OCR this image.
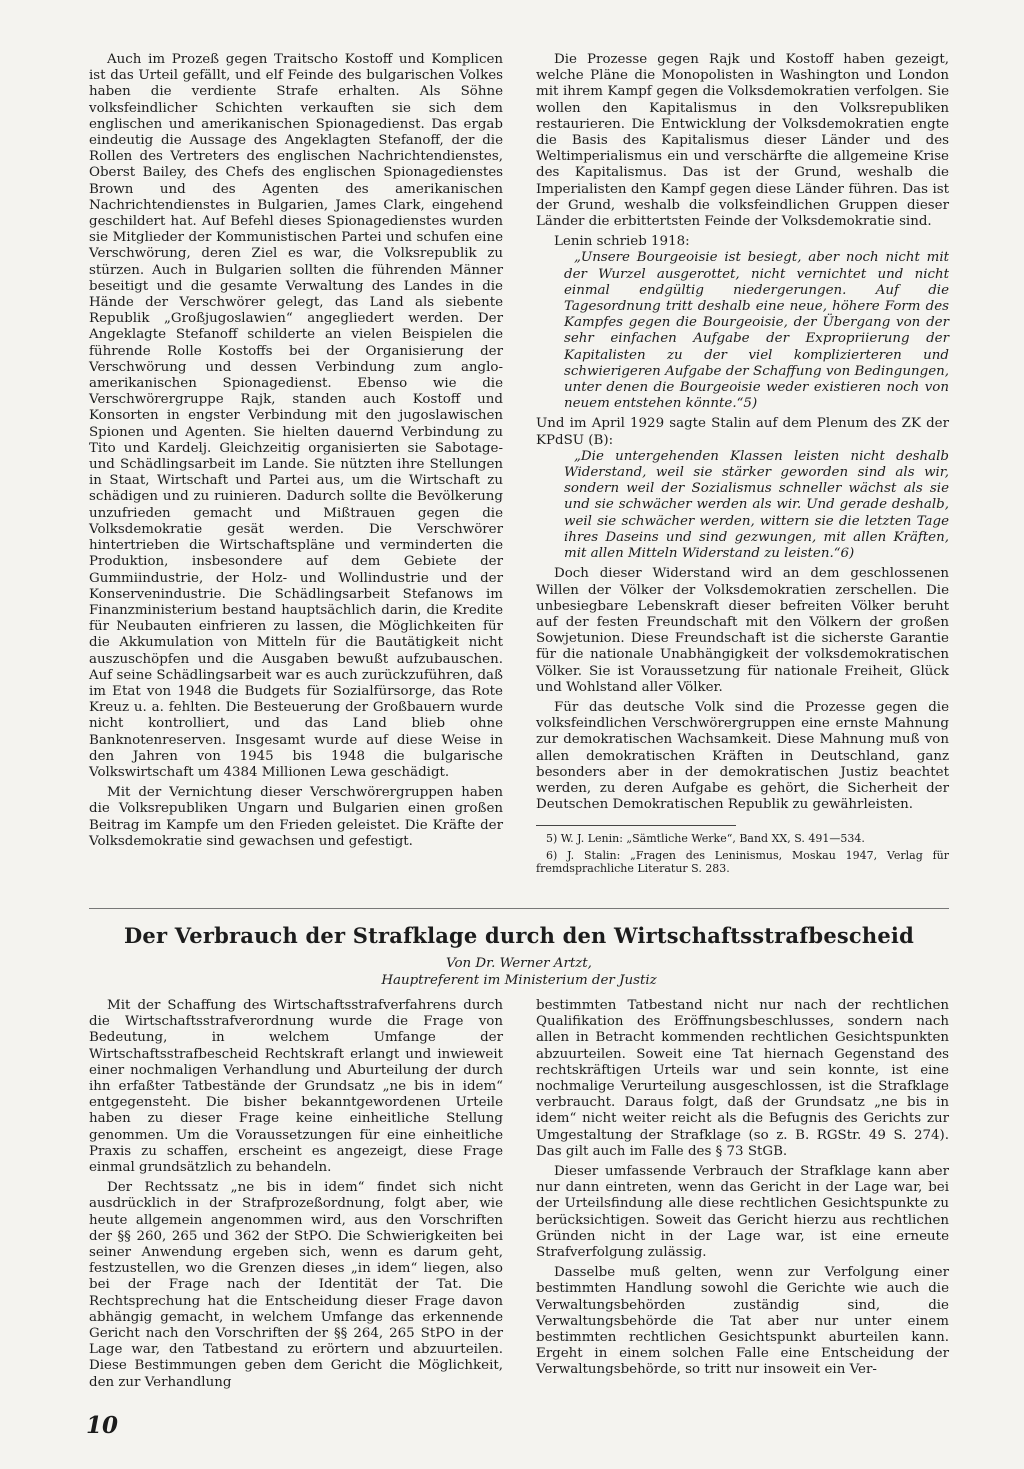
Auch im Prozeß gegen Traitscho Kostoff und Komplicen ist das Urteil gefällt, und elf Feinde des bulgarischen Volkes haben die verdiente Strafe erhalten. Als Söhne volksfeindlicher Schichten verkauften sie sich dem englischen und amerikanischen Spionagedienst. Das ergab eindeutig die Aussage des Angeklagten Stefanoff, der die Rollen des Vertreters des englischen Nachrichtendienstes, Oberst Bailey, des Chefs des englischen Spionagedienstes Brown und des Agenten des amerikanischen Nachrichtendienstes in Bulgarien, James Clark, eingehend geschildert hat. Auf Befehl dieses Spionagedienstes wurden sie Mitglieder der Kommunistischen Partei und schufen eine Verschwörung, deren Ziel es war, die Volksrepublik zu stürzen. Auch in Bulgarien sollten die führenden Männer beseitigt und die gesamte Verwaltung des Landes in die Hände der Verschwörer gelegt, das Land als siebente Republik „Großjugoslawien“ angegliedert werden. Der Angeklagte Stefanoff schilderte an vielen Beispielen die führende Rolle Kostoffs bei der Organisierung der Verschwörung und dessen Verbindung zum anglo-amerikanischen Spionagedienst. Ebenso wie die Verschwörergruppe Rajk, standen auch Kostoff und Konsorten in engster Verbindung mit den jugoslawischen Spionen und Agenten. Sie hielten dauernd Verbindung zu Tito und Kardelj. Gleichzeitig organisierten sie Sabotage- und Schädlingsarbeit im Lande. Sie nützten ihre Stellungen in Staat, Wirtschaft und Partei aus, um die Wirtschaft zu schädigen und zu ruinieren. Dadurch sollte die Bevölkerung unzufrieden gemacht und Mißtrauen gegen die Volksdemokratie gesät werden. Die Verschwörer hintertrieben die Wirtschaftspläne und verminderten die Produktion, insbesondere auf dem Gebiete der Gummiindustrie, der Holz- und Wollindustrie und der Konservenindustrie. Die Schädlingsarbeit Stefanows im Finanzministerium bestand hauptsächlich darin, die Kredite für Neubauten einfrieren zu lassen, die Möglichkeiten für die Akkumulation von Mitteln für die Bautätigkeit nicht auszuschöpfen und die Ausgaben bewußt aufzubauschen. Auf seine Schädlingsarbeit war es auch zurückzuführen, daß im Etat von 1948 die Budgets für Sozialfürsorge, das Rote Kreuz u. a. fehlten. Die Besteuerung der Großbauern wurde nicht kontrolliert, und das Land blieb ohne Banknotenreserven. Insgesamt wurde auf diese Weise in den Jahren von 1945 bis 1948 die bulgarische Volkswirtschaft um 4384 Millionen Lewa geschädigt.

Mit der Vernichtung dieser Verschwörergruppen haben die Volksrepubliken Ungarn und Bulgarien einen großen Beitrag im Kampfe um den Frieden geleistet. Die Kräfte der Volksdemokratie sind gewachsen und gefestigt.

Die Prozesse gegen Rajk und Kostoff haben gezeigt, welche Pläne die Monopolisten in Washington und London mit ihrem Kampf gegen die Volksdemokratien verfolgen. Sie wollen den Kapitalismus in den Volksrepubliken restaurieren. Die Entwicklung der Volksdemokratien engte die Basis des Kapitalismus dieser Länder und des Weltimperialismus ein und verschärfte die allgemeine Krise des Kapitalismus. Das ist der Grund, weshalb die Imperialisten den Kampf gegen diese Länder führen. Das ist der Grund, weshalb die volksfeindlichen Gruppen dieser Länder die erbittertsten Feinde der Volksdemokratie sind.

Lenin schrieb 1918:

„Unsere Bourgeoisie ist besiegt, aber noch nicht mit der Wurzel ausgerottet, nicht vernichtet und nicht einmal endgültig niedergerungen. Auf die Tagesordnung tritt deshalb eine neue, höhere Form des Kampfes gegen die Bourgeoisie, der Übergang von der sehr einfachen Aufgabe der Expropriierung der Kapitalisten zu der viel komplizierteren und schwierigeren Aufgabe der Schaffung von Bedingungen, unter denen die Bourgeoisie weder existieren noch von neuem entstehen könnte.“5)

Und im April 1929 sagte Stalin auf dem Plenum des ZK der KPdSU (B):

„Die untergehenden Klassen leisten nicht deshalb Widerstand, weil sie stärker geworden sind als wir, sondern weil der Sozialismus schneller wächst als sie und sie schwächer werden als wir. Und gerade deshalb, weil sie schwächer werden, wittern sie die letzten Tage ihres Daseins und sind gezwungen, mit allen Kräften, mit allen Mitteln Widerstand zu leisten.“6)

Doch dieser Widerstand wird an dem geschlossenen Willen der Völker der Volksdemokratien zerschellen. Die unbesiegbare Lebenskraft dieser befreiten Völker beruht auf der festen Freundschaft mit den Völkern der großen Sowjetunion. Diese Freundschaft ist die sicherste Garantie für die nationale Unabhängigkeit der volksdemokratischen Völker. Sie ist Voraussetzung für nationale Freiheit, Glück und Wohlstand aller Völker.

Für das deutsche Volk sind die Prozesse gegen die volksfeindlichen Verschwörergruppen eine ernste Mahnung zur demokratischen Wachsamkeit. Diese Mahnung muß von allen demokratischen Kräften in Deutschland, ganz besonders aber in der demokratischen Justiz beachtet werden, zu deren Aufgabe es gehört, die Sicherheit der Deutschen Demokratischen Republik zu gewährleisten.

5) W. J. Lenin: „Sämtliche Werke“, Band XX, S. 491—534.

6) J. Stalin: „Fragen des Leninismus, Moskau 1947, Verlag für fremdsprachliche Literatur S. 283.

Der Verbrauch der Strafklage durch den Wirtschaftsstrafbescheid
Von Dr. Werner Artzt,
Hauptreferent im Ministerium der Justiz

Mit der Schaffung des Wirtschaftsstrafverfahrens durch die Wirtschaftsstrafverordnung wurde die Frage von Bedeutung, in welchem Umfange der Wirtschaftsstrafbescheid Rechtskraft erlangt und inwieweit einer nochmaligen Verhandlung und Aburteilung der durch ihn erfaßter Tatbestände der Grundsatz „ne bis in idem“ entgegensteht. Die bisher bekanntgewordenen Urteile haben zu dieser Frage keine einheitliche Stellung genommen. Um die Voraussetzungen für eine einheitliche Praxis zu schaffen, erscheint es angezeigt, diese Frage einmal grundsätzlich zu behandeln.

Der Rechtssatz „ne bis in idem“ findet sich nicht ausdrücklich in der Strafprozeßordnung, folgt aber, wie heute allgemein angenommen wird, aus den Vorschriften der §§ 260, 265 und 362 der StPO. Die Schwierigkeiten bei seiner Anwendung ergeben sich, wenn es darum geht, festzustellen, wo die Grenzen dieses „in idem“ liegen, also bei der Frage nach der Identität der Tat. Die Rechtsprechung hat die Entscheidung dieser Frage davon abhängig gemacht, in welchem Umfange das erkennende Gericht nach den Vorschriften der §§ 264, 265 StPO in der Lage war, den Tatbestand zu erörtern und abzuurteilen. Diese Bestimmungen geben dem Gericht die Möglichkeit, den zur Verhandlung

bestimmten Tatbestand nicht nur nach der rechtlichen Qualifikation des Eröffnungsbeschlusses, sondern nach allen in Betracht kommenden rechtlichen Gesichtspunkten abzuurteilen. Soweit eine Tat hiernach Gegenstand des rechtskräftigen Urteils war und sein konnte, ist eine nochmalige Verurteilung ausgeschlossen, ist die Strafklage verbraucht. Daraus folgt, daß der Grundsatz „ne bis in idem“ nicht weiter reicht als die Befugnis des Gerichts zur Umgestaltung der Strafklage (so z. B. RGStr. 49 S. 274). Das gilt auch im Falle des § 73 StGB.

Dieser umfassende Verbrauch der Strafklage kann aber nur dann eintreten, wenn das Gericht in der Lage war, bei der Urteilsfindung alle diese rechtlichen Gesichtspunkte zu berücksichtigen. Soweit das Gericht hierzu aus rechtlichen Gründen nicht in der Lage war, ist eine erneute Strafverfolgung zulässig.

Dasselbe muß gelten, wenn zur Verfolgung einer bestimmten Handlung sowohl die Gerichte wie auch die Verwaltungsbehörden zuständig sind, die Verwaltungsbehörde die Tat aber nur unter einem bestimmten rechtlichen Gesichtspunkt aburteilen kann. Ergeht in einem solchen Falle eine Entscheidung der Verwaltungsbehörde, so tritt nur insoweit ein Ver-

10
